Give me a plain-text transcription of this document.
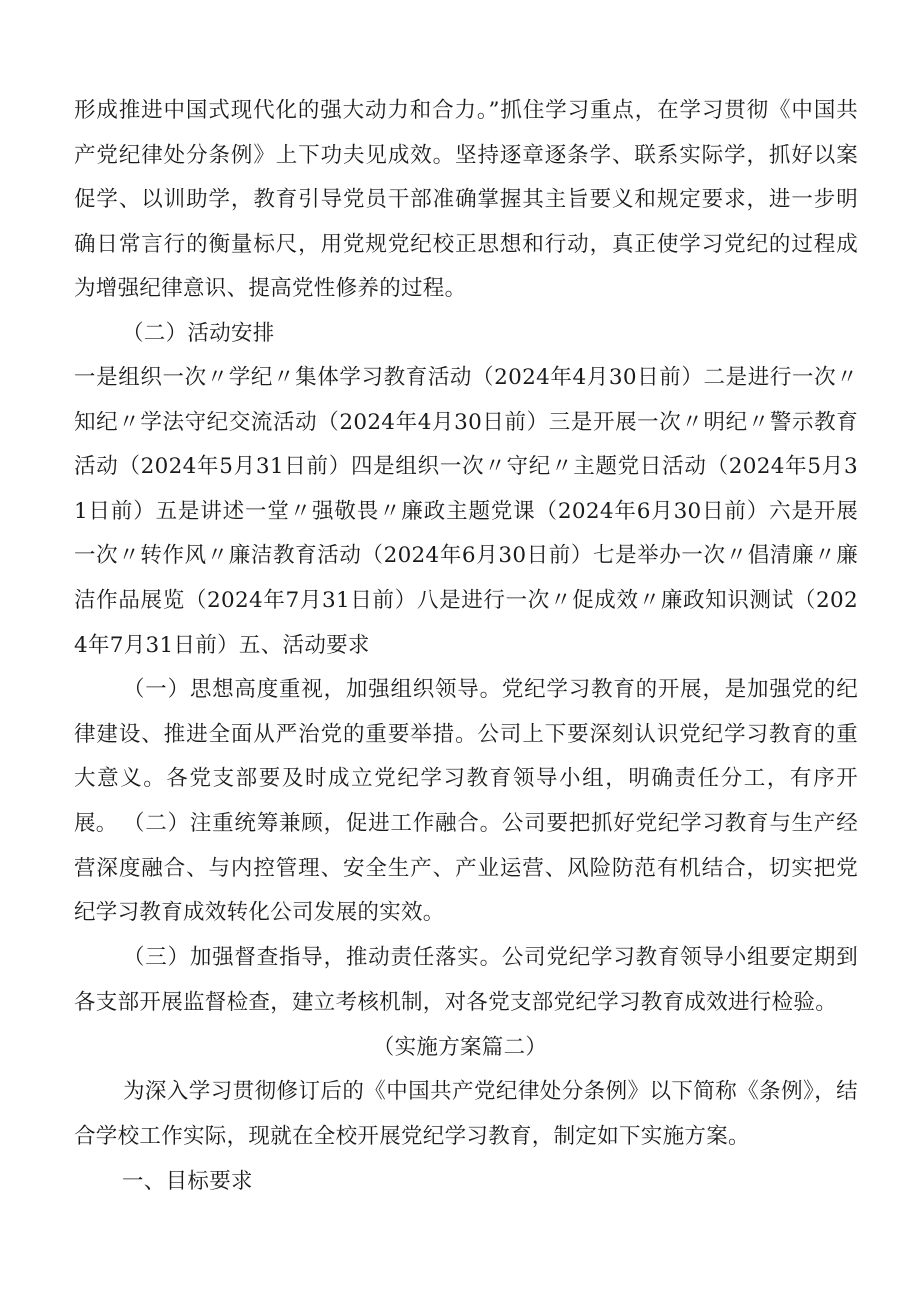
形成推进中国式现代化的强大动力和合力。”抓住学习重点，在学习贯彻《中国共产党纪律处分条例》上下功夫见成效。坚持逐章逐条学、联系实际学，抓好以案促学、以训助学，教育引导党员干部准确掌握其主旨要义和规定要求，进一步明确日常言行的衡量标尺，用党规党纪校正思想和行动，真正使学习党纪的过程成为增强纪律意识、提高党性修养的过程。

（二）活动安排

一是组织一次〃学纪〃集体学习教育活动（2024年4月30日前）二是进行一次〃知纪〃学法守纪交流活动（2024年4月30日前）三是开展一次〃明纪〃警示教育活动（2024年5月31日前）四是组织一次〃守纪〃主题党日活动（2024年5月31日前）五是讲述一堂〃强敬畏〃廉政主题党课（2024年6月30日前）六是开展一次〃转作风〃廉洁教育活动（2024年6月30日前）七是举办一次〃倡清廉〃廉洁作品展览（2024年7月31日前）八是进行一次〃促成效〃廉政知识测试（2024年7月31日前）五、活动要求

（一）思想高度重视，加强组织领导。党纪学习教育的开展，是加强党的纪律建设、推进全面从严治党的重要举措。公司上下要深刻认识党纪学习教育的重大意义。各党支部要及时成立党纪学习教育领导小组，明确责任分工，有序开展。 （二）注重统筹兼顾，促进工作融合。公司要把抓好党纪学习教育与生产经营深度融合、与内控管理、安全生产、产业运营、风险防范有机结合，切实把党纪学习教育成效转化公司发展的实效。

（三）加强督查指导，推动责任落实。公司党纪学习教育领导小组要定期到各支部开展监督检查，建立考核机制，对各党支部党纪学习教育成效进行检验。

（实施方案篇二）

为深入学习贯彻修订后的《中国共产党纪律处分条例》以下简称《条例》，结合学校工作实际，现就在全校开展党纪学习教育，制定如下实施方案。

一、目标要求
